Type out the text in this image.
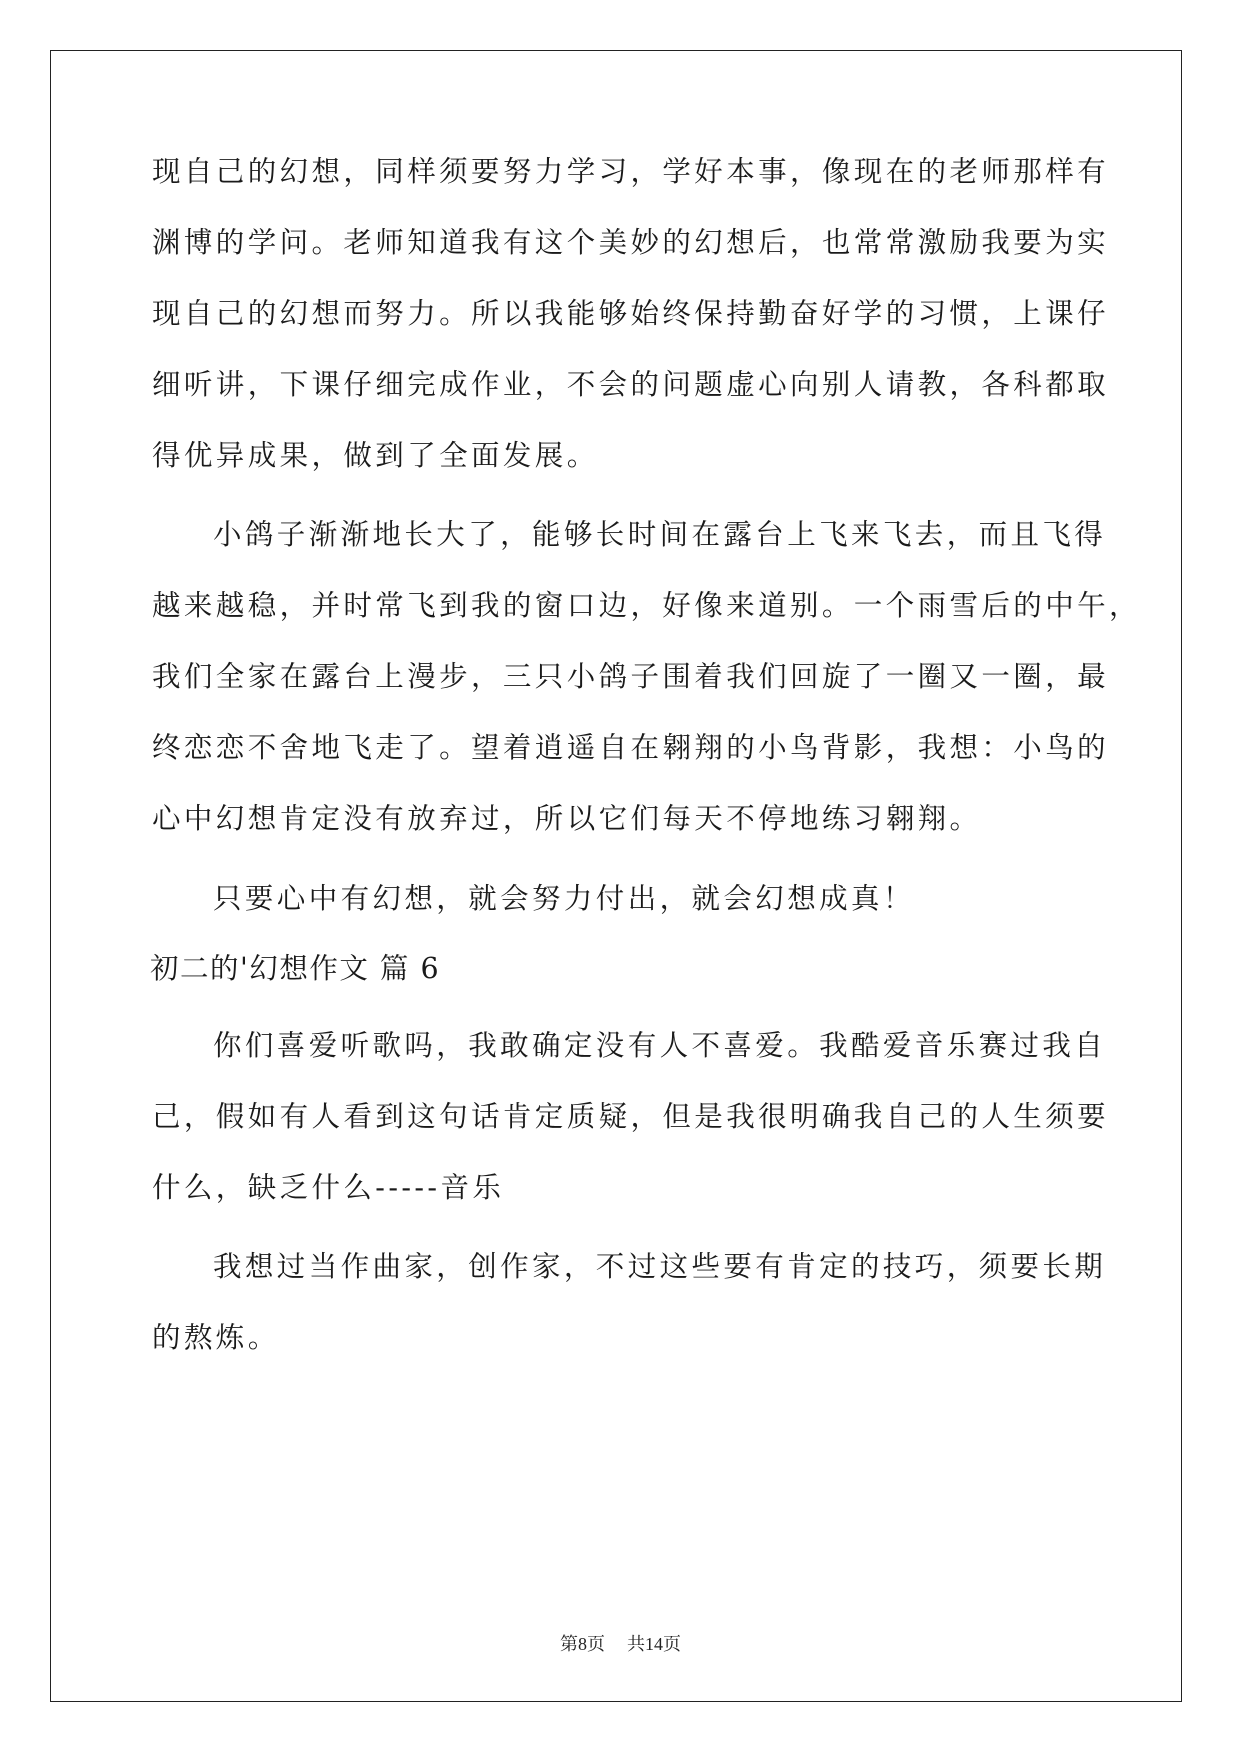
现自己的幻想，同样须要努力学习，学好本事，像现在的老师那样有
渊博的学问。老师知道我有这个美妙的幻想后，也常常激励我要为实
现自己的幻想而努力。所以我能够始终保持勤奋好学的习惯，上课仔
细听讲，下课仔细完成作业，不会的问题虚心向别人请教，各科都取
得优异成果，做到了全面发展。
小鸽子渐渐地长大了，能够长时间在露台上飞来飞去，而且飞得
越来越稳，并时常飞到我的窗口边，好像来道别。一个雨雪后的中午，
我们全家在露台上漫步，三只小鸽子围着我们回旋了一圈又一圈，最
终恋恋不舍地飞走了。望着逍遥自在翱翔的小鸟背影，我想：小鸟的
心中幻想肯定没有放弃过，所以它们每天不停地练习翱翔。
只要心中有幻想，就会努力付出，就会幻想成真！
初二的'幻想作文 篇 6
你们喜爱听歌吗，我敢确定没有人不喜爱。我酷爱音乐赛过我自
己，假如有人看到这句话肯定质疑，但是我很明确我自己的人生须要
什么，缺乏什么-----音乐
我想过当作曲家，创作家，不过这些要有肯定的技巧，须要长期
的熬炼。
第8页 共14页
